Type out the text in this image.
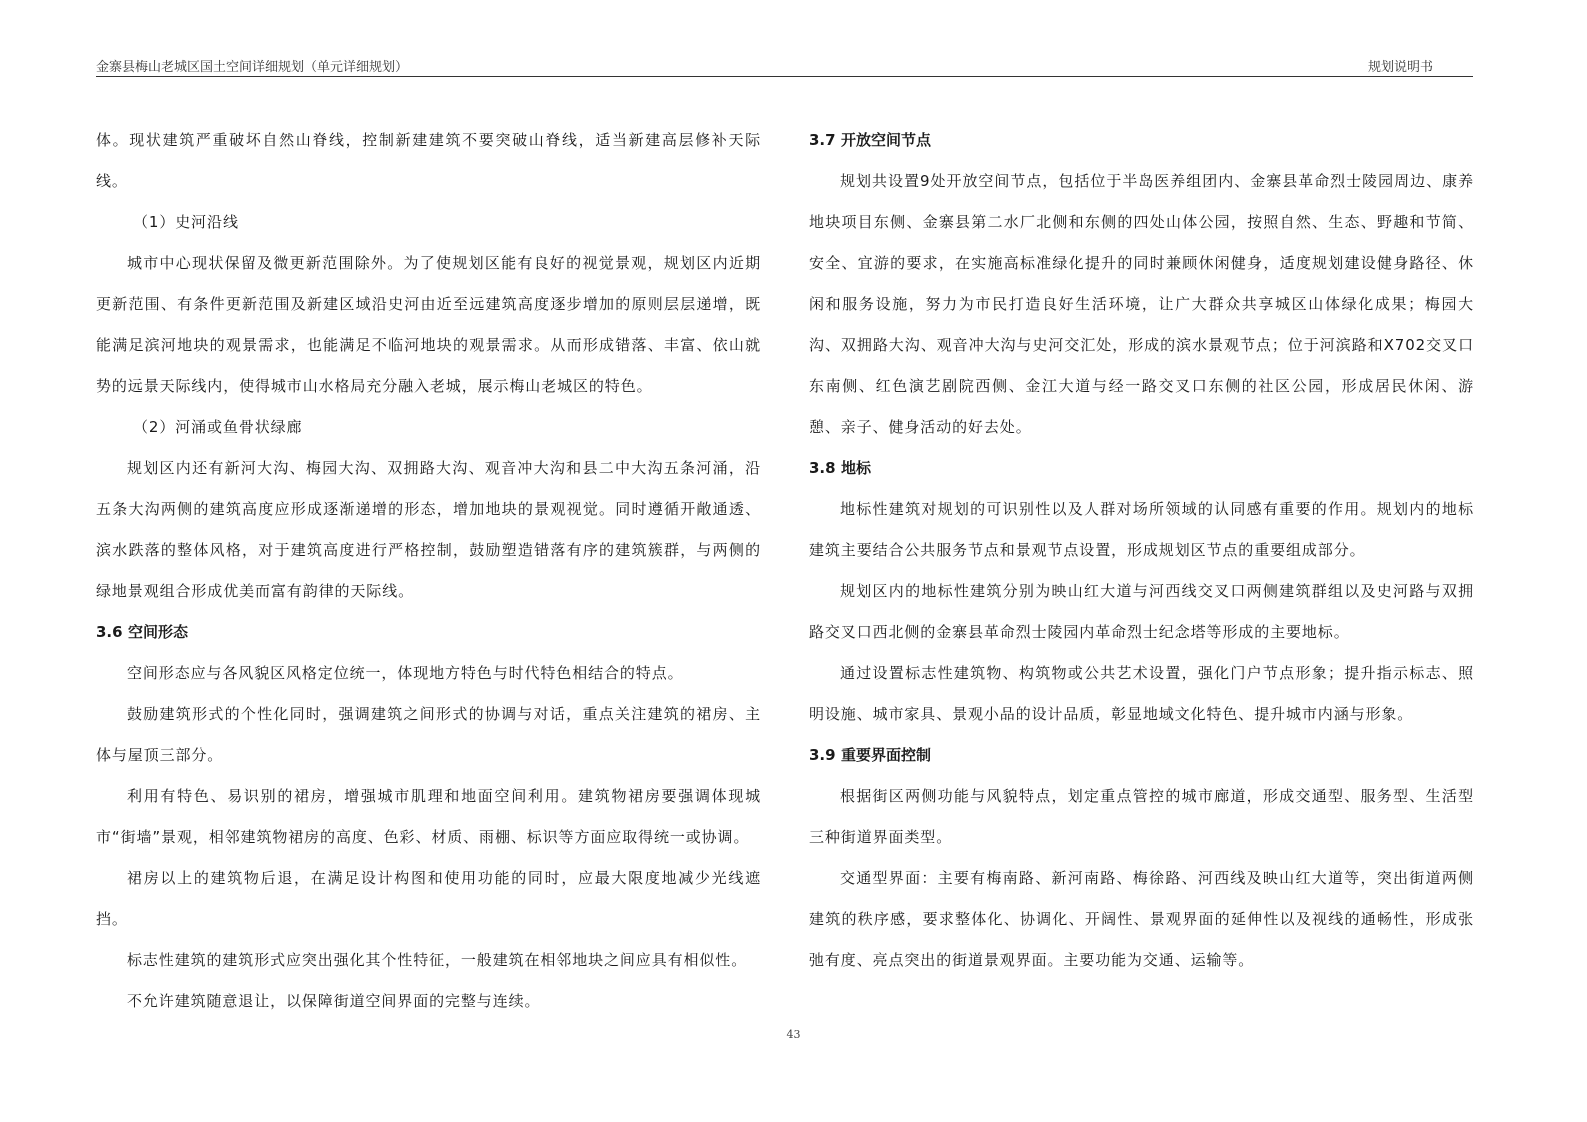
金寨县梅山老城区国土空间详细规划（单元详细规划）	规划说明书
体。现状建筑严重破坏自然山脊线，控制新建建筑不要突破山脊线，适当新建高层修补天际线。
（1）史河沿线
城市中心现状保留及微更新范围除外。为了使规划区能有良好的视觉景观，规划区内近期更新范围、有条件更新范围及新建区域沿史河由近至远建筑高度逐步增加的原则层层递增，既能满足滨河地块的观景需求，也能满足不临河地块的观景需求。从而形成错落、丰富、依山就势的远景天际线内，使得城市山水格局充分融入老城，展示梅山老城区的特色。
（2）河涌或鱼骨状绿廊
规划区内还有新河大沟、梅园大沟、双拥路大沟、观音冲大沟和县二中大沟五条河涌，沿五条大沟两侧的建筑高度应形成逐渐递增的形态，增加地块的景观视觉。同时遵循开敞通透、滨水跌落的整体风格，对于建筑高度进行严格控制，鼓励塑造错落有序的建筑簇群，与两侧的绿地景观组合形成优美而富有韵律的天际线。
3.6 空间形态
空间形态应与各风貌区风格定位统一，体现地方特色与时代特色相结合的特点。
鼓励建筑形式的个性化同时，强调建筑之间形式的协调与对话，重点关注建筑的裙房、主体与屋顶三部分。
利用有特色、易识别的裙房，增强城市肌理和地面空间利用。建筑物裙房要强调体现城市“街墙”景观，相邻建筑物裙房的高度、色彩、材质、雨棚、标识等方面应取得统一或协调。
裙房以上的建筑物后退，在满足设计构图和使用功能的同时，应最大限度地减少光线遮挡。
标志性建筑的建筑形式应突出强化其个性特征，一般建筑在相邻地块之间应具有相似性。
不允许建筑随意退让，以保障街道空间界面的完整与连续。
3.7 开放空间节点
规划共设置9处开放空间节点，包括位于半岛医养组团内、金寨县革命烈士陵园周边、康养地块项目东侧、金寨县第二水厂北侧和东侧的四处山体公园，按照自然、生态、野趣和节简、安全、宜游的要求，在实施高标准绿化提升的同时兼顾休闲健身，适度规划建设健身路径、休闲和服务设施，努力为市民打造良好生活环境，让广大群众共享城区山体绿化成果；梅园大沟、双拥路大沟、观音冲大沟与史河交汇处，形成的滨水景观节点；位于河滨路和X702交叉口东南侧、红色演艺剧院西侧、金江大道与经一路交叉口东侧的社区公园，形成居民休闲、游憩、亲子、健身活动的好去处。
3.8 地标
地标性建筑对规划的可识别性以及人群对场所领域的认同感有重要的作用。规划内的地标建筑主要结合公共服务节点和景观节点设置，形成规划区节点的重要组成部分。
规划区内的地标性建筑分别为映山红大道与河西线交叉口两侧建筑群组以及史河路与双拥路交叉口西北侧的金寨县革命烈士陵园内革命烈士纪念塔等形成的主要地标。
通过设置标志性建筑物、构筑物或公共艺术设置，强化门户节点形象；提升指示标志、照明设施、城市家具、景观小品的设计品质，彰显地域文化特色、提升城市内涵与形象。
3.9 重要界面控制
根据街区两侧功能与风貌特点，划定重点管控的城市廊道，形成交通型、服务型、生活型三种街道界面类型。
交通型界面：主要有梅南路、新河南路、梅徐路、河西线及映山红大道等，突出街道两侧建筑的秩序感，要求整体化、协调化、开阔性、景观界面的延伸性以及视线的通畅性，形成张弛有度、亮点突出的街道景观界面。主要功能为交通、运输等。
43
